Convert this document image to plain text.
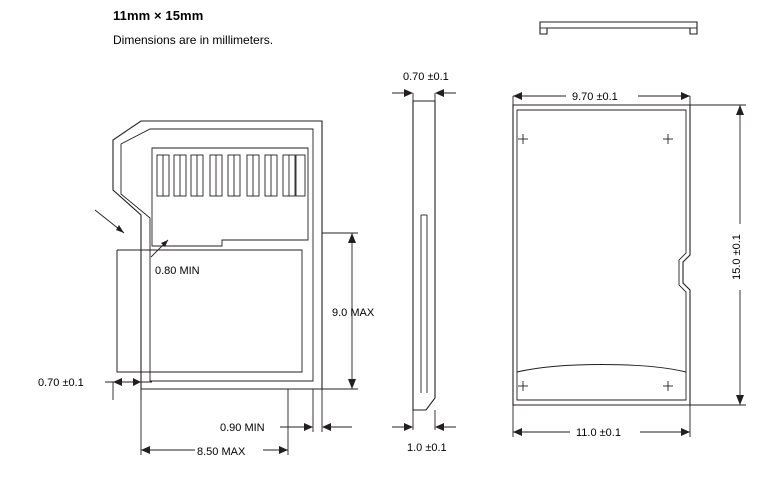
11mm × 15mm
Dimensions are in millimeters.
0.80 MIN
0.70 ±0.1
9.0 MAX
0.90 MIN
8.50 MAX
0.70 ±0.1
1.0 ±0.1
9.70 ±0.1
11.0 ±0.1
15.0 ±0.1
